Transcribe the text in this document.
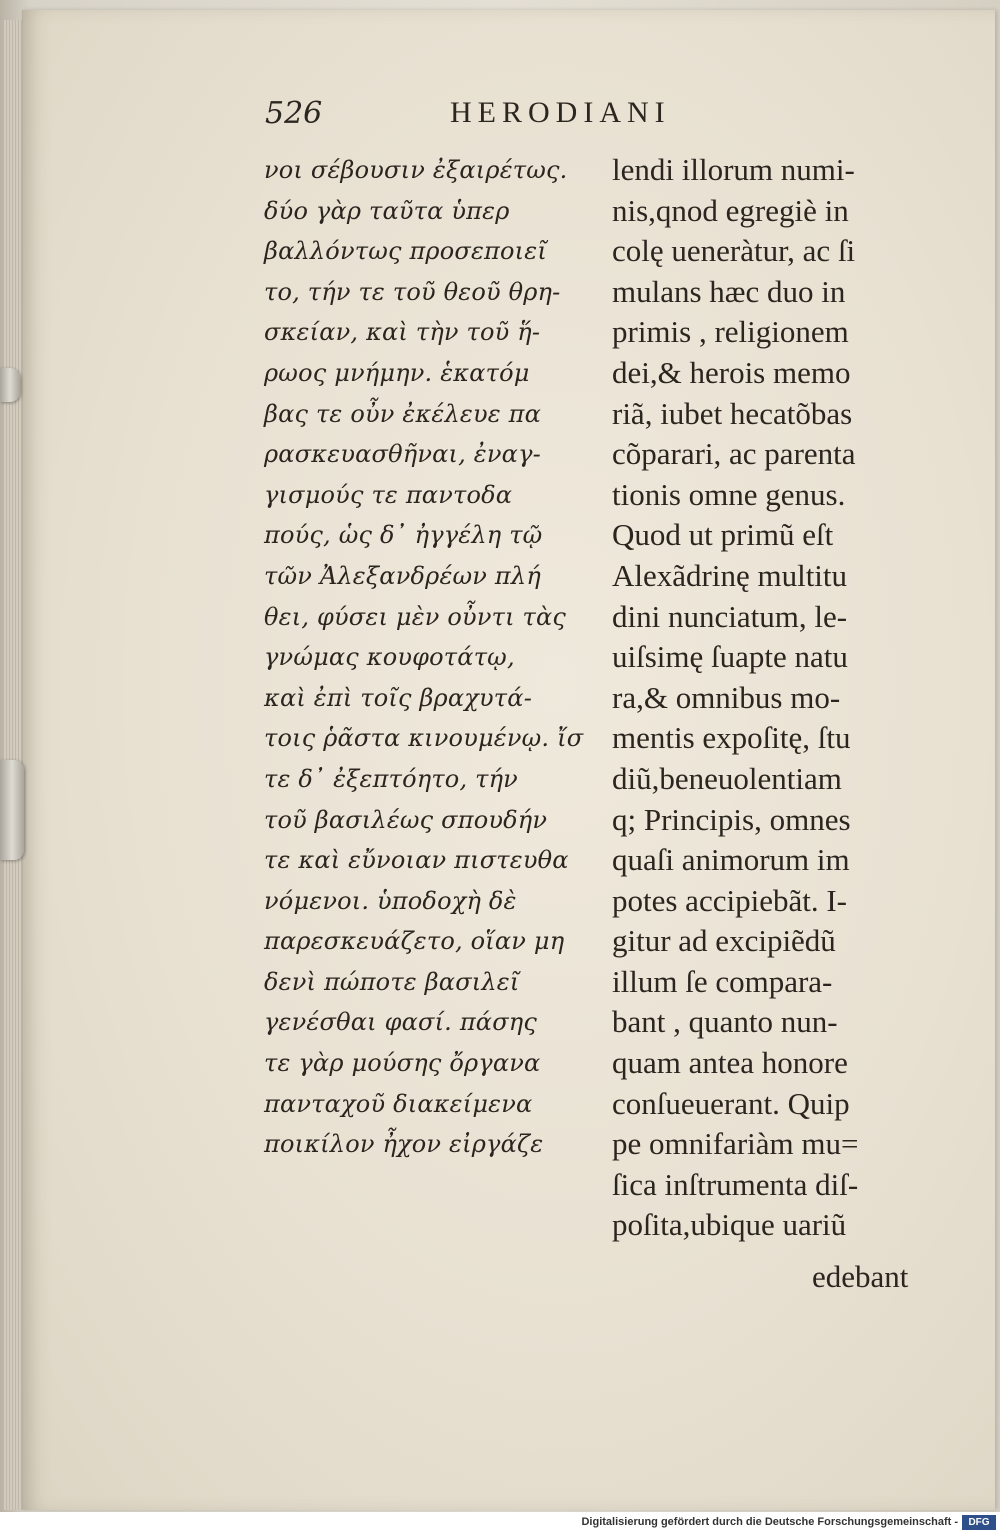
526	HERODIANI
νοι σέβουσιν ἐξαιρέτως.
δύο γὰρ ταῦτα ὑπερ
βαλλόντως προσεποιεῖ
το, τήν τε τοῦ θεοῦ θρη-
σκείαν, καὶ τὴν τοῦ ἥ-
ρωος μνήμην. ἑκατόμ
βας τε οὖν ἐκέλευε πα
ρασκευασθῆναι, ἐναγ-
γισμούς τε παντοδα
πούς, ὡς δ᾽ ἠγγέλη τῷ
τῶν Ἀλεξανδρέων πλή
θει, φύσει μὲν οὖντι τὰς
γνώμας κουφοτάτῳ,
καὶ ἐπὶ τοῖς βραχυτά-
τοις ῥᾶστα κινουμένῳ. ἴσ
τε δ᾽ ἐξεπτόητο, τήν
τοῦ βασιλέως σπουδήν
τε καὶ εὔνοιαν πιστευθα
νόμενοι. ὑποδοχὴ δὲ
παρεσκευάζετο, οἵαν μη
δενὶ πώποτε βασιλεῖ
γενέσθαι φασί. πάσης
τε γὰρ μούσης ὄργανα
πανταχοῦ διακείμενα
ποικίλον ἦχον εἰργάζε
lendi illorum numi-
nis,qnod egregiè in
colę ueneràtur, ac ſi
mulans hæc duo in
primis , religionem
dei,& herois memo
riã, iubet hecatõbas
cõparari, ac parenta
tionis omne genus.
Quod ut primũ eſt
Alexãdrinę multitu
dini nunciatum, le-
uiſsimę ſuapte natu
ra,& omnibus mo-
mentis expoſitę, ſtu
diũ,beneuolentiam
q; Principis, omnes
quaſi animorum im
potes accipiebãt. I-
gitur ad excipiẽdũ
illum ſe compara-
bant , quanto nun-
quam antea honore
conſueuerant. Quip
pe omnifariàm mu=
ſica inſtrumenta diſ-
poſita,ubique uariũ
edebant
Digitalisierung gefördert durch die Deutsche Forschungsgemeinschaft -	DFG
